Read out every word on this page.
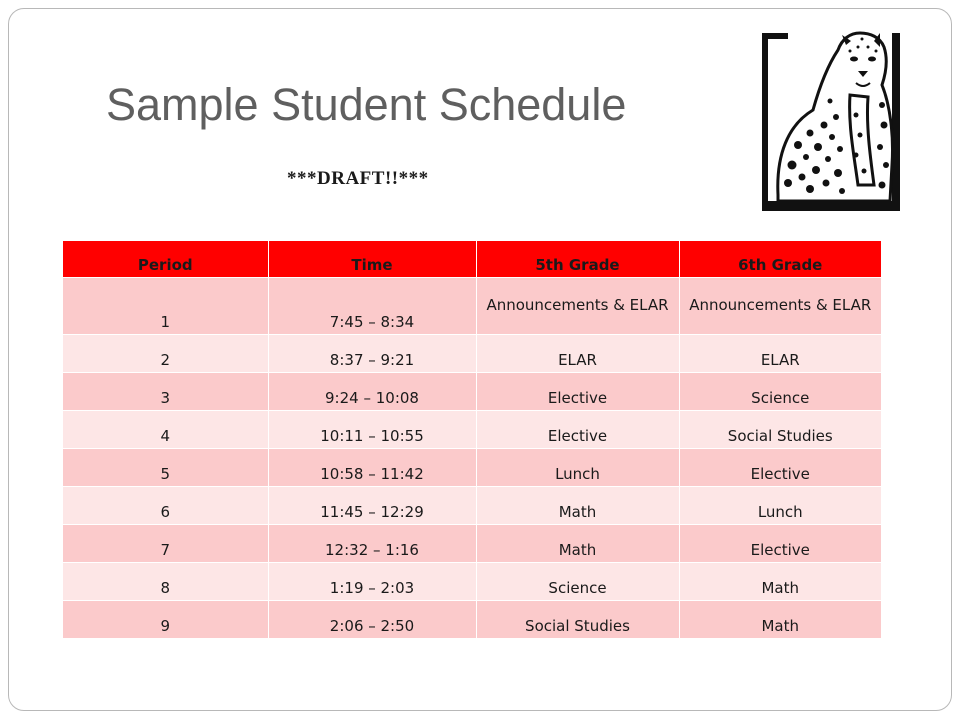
Sample Student Schedule
***DRAFT!!***
Period	Time	5th Grade	6th Grade
1	7:45 – 8:34	Announcements & ELAR	Announcements & ELAR
2	8:37 – 9:21	ELAR	ELAR
3	9:24 – 10:08	Elective	Science
4	10:11 – 10:55	Elective	Social Studies
5	10:58 – 11:42	Lunch	Elective
6	11:45 – 12:29	Math	Lunch
7	12:32 – 1:16	Math	Elective
8	1:19 – 2:03	Science	Math
9	2:06 – 2:50	Social Studies	Math
